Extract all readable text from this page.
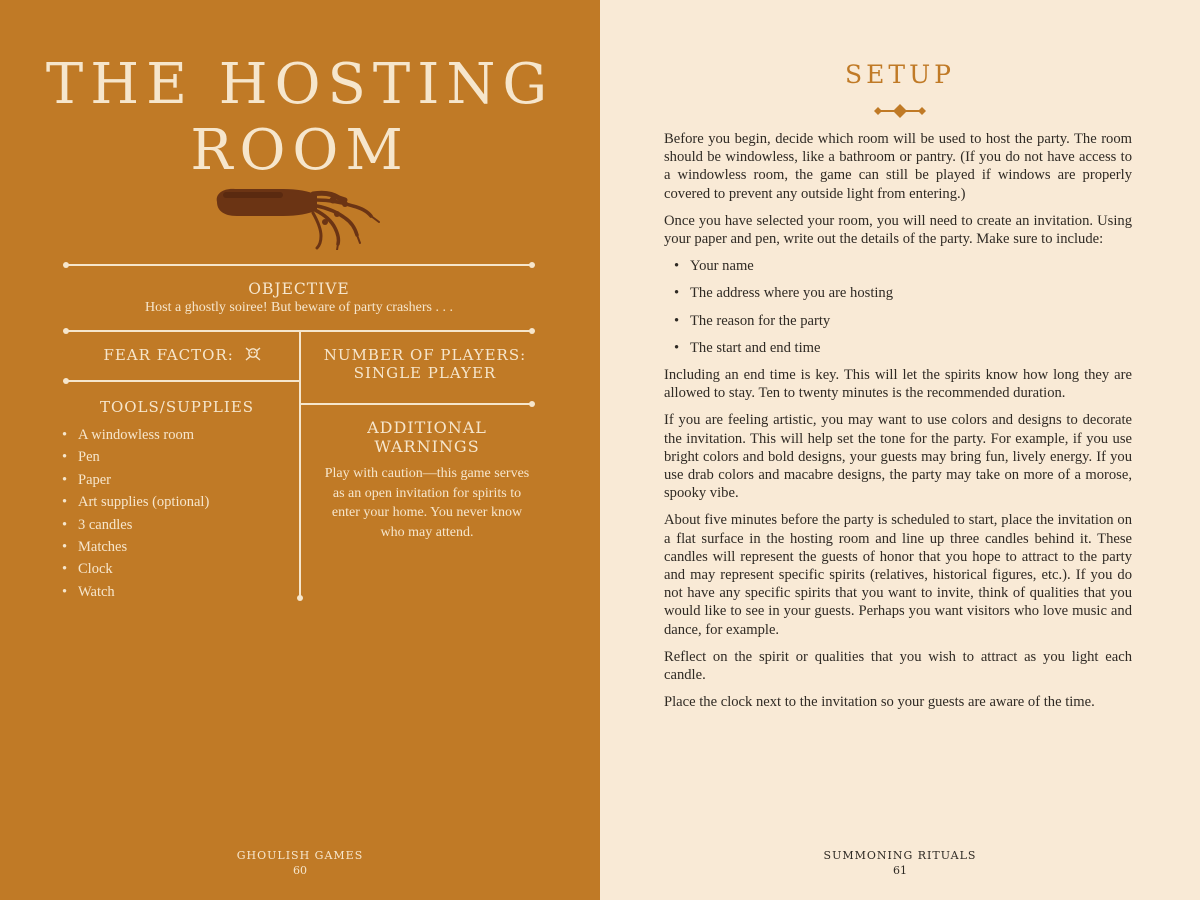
THE HOSTING
ROOM
OBJECTIVE
Host a ghostly soiree! But beware of party crashers . . .
FEAR FACTOR:	NUMBER OF PLAYERS:
SINGLE PLAYER
TOOLS/SUPPLIES
• A windowless room
• Pen
• Paper
• Art supplies (optional)
• 3 candles
• Matches
• Clock
• Watch
ADDITIONAL
WARNINGS
Play with caution—this game serves as an open invitation for spirits to enter your home. You never know who may attend.
GHOULISH GAMES
60
SETUP

Before you begin, decide which room will be used to host the party. The room should be windowless, like a bathroom or pantry. (If you do not have access to a windowless room, the game can still be played if windows are properly covered to prevent any outside light from entering.)

Once you have selected your room, you will need to create an invitation. Using your paper and pen, write out the details of the party. Make sure to include:

• Your name
• The address where you are hosting
• The reason for the party
• The start and end time

Including an end time is key. This will let the spirits know how long they are allowed to stay. Ten to twenty minutes is the recommended duration.

If you are feeling artistic, you may want to use colors and designs to decorate the invitation. This will help set the tone for the party. For example, if you use bright colors and bold designs, your guests may bring fun, lively energy. If you use drab colors and macabre designs, the party may take on more of a morose, spooky vibe.

About five minutes before the party is scheduled to start, place the invitation on a flat surface in the hosting room and line up three candles behind it. These candles will represent the guests of honor that you hope to attract to the party and may represent specific spirits (relatives, historical figures, etc.). If you do not have any specific spirits that you want to invite, think of qualities that you would like to see in your guests. Perhaps you want visitors who love music and dance, for example.

Reflect on the spirit or qualities that you wish to attract as you light each candle.

Place the clock next to the invitation so your guests are aware of the time.

SUMMONING RITUALS
61
